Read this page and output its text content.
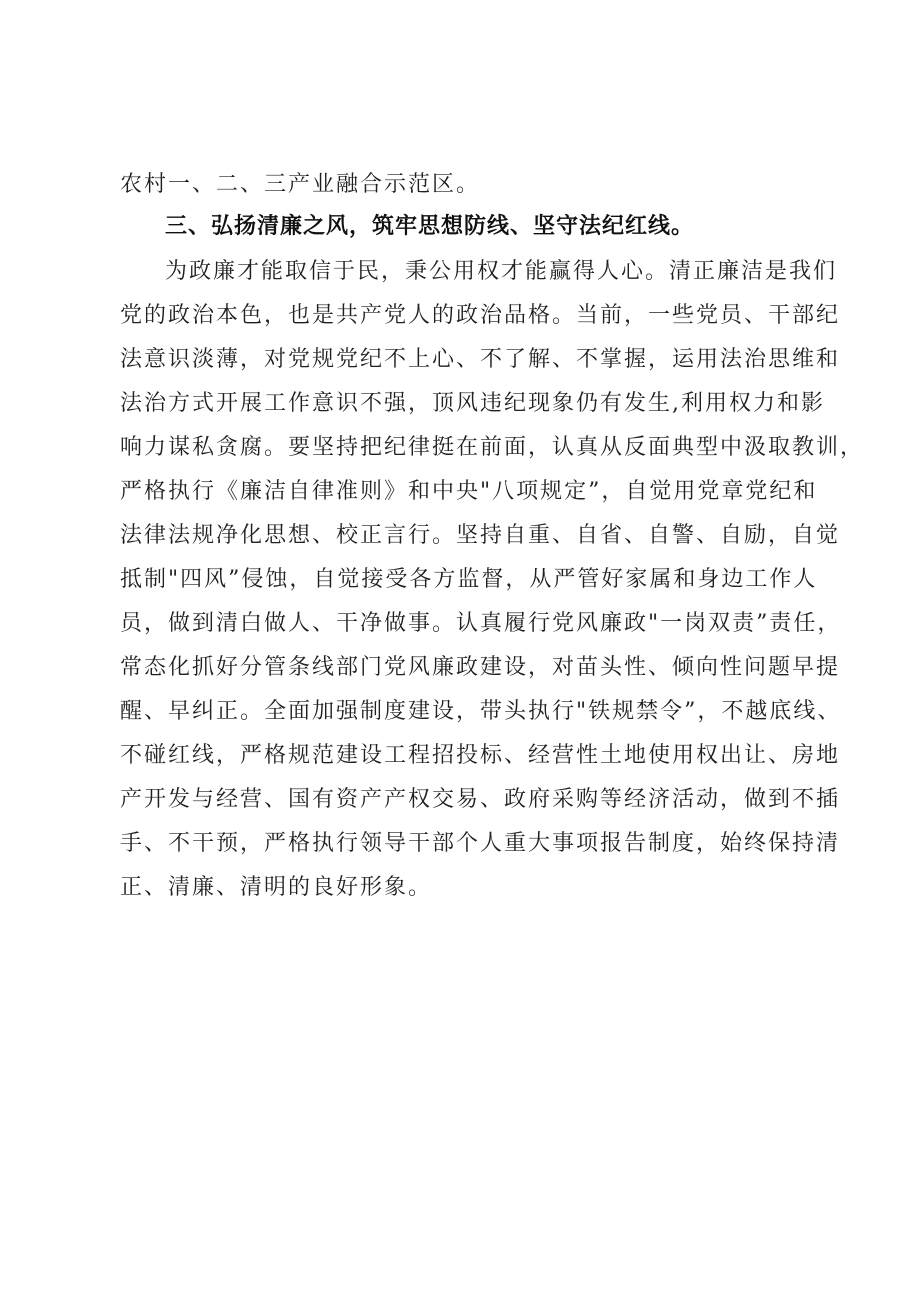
农村一、二、三产业融合示范区。
三、弘扬清廉之风，筑牢思想防线、坚守法纪红线。
为政廉才能取信于民，秉公用权才能赢得人心。清正廉洁是我们
党的政治本色，也是共产党人的政治品格。当前，一些党员、干部纪
法意识淡薄，对党规党纪不上心、不了解、不掌握，运用法治思维和
法治方式开展工作意识不强，顶风违纪现象仍有发生,利用权力和影
响力谋私贪腐。要坚持把纪律挺在前面，认真从反面典型中汲取教训，
严格执行《廉洁自律准则》和中央"八项规定”，自觉用党章党纪和
法律法规净化思想、校正言行。坚持自重、自省、自警、自励，自觉
抵制"四风”侵蚀，自觉接受各方监督，从严管好家属和身边工作人
员，做到清白做人、干净做事。认真履行党风廉政"一岗双责”责任，
常态化抓好分管条线部门党风廉政建设，对苗头性、倾向性问题早提
醒、早纠正。全面加强制度建设，带头执行"铁规禁令”，不越底线、
不碰红线，严格规范建设工程招投标、经营性土地使用权出让、房地
产开发与经营、国有资产产权交易、政府采购等经济活动，做到不插
手、不干预，严格执行领导干部个人重大事项报告制度，始终保持清
正、清廉、清明的良好形象。
